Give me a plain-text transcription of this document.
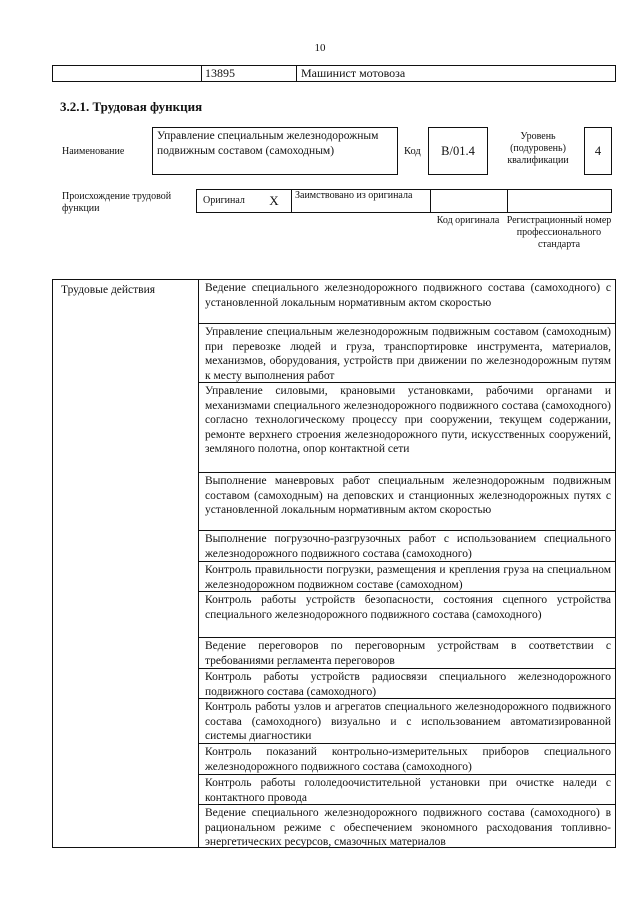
10
13895	Машинист мотовоза
3.2.1. Трудовая функция
Наименование
Управление специальным железнодорожным подвижным составом (самоходным)	Код	B/01.4
Уровень (подуровень) квалификации
4
Происхождение трудовой функции
Оригинал	X	Заимствовано из оригинала
Код оригинала Регистрационный номер профессионального стандарта
Трудовые действия	Ведение специального железнодорожного подвижного состава (самоходного) с установленной локальным нормативным актом скоростью
Управление специальным железнодорожным подвижным составом (самоходным) при перевозке людей и груза, транспортировке инструмента, материалов, механизмов, оборудования, устройств при движении по железнодорожным путям к месту выполнения работ
Управление силовыми, крановыми установками, рабочими органами и механизмами специального железнодорожного подвижного состава (самоходного) согласно технологическому процессу при сооружении, текущем содержании, ремонте верхнего строения железнодорожного пути, искусственных сооружений, земляного полотна, опор контактной сети
Выполнение маневровых работ специальным железнодорожным подвижным составом (самоходным) на деповских и станционных железнодорожных путях с установленной локальным нормативным актом скоростью
Выполнение погрузочно-разгрузочных работ с использованием специального железнодорожного подвижного состава (самоходного)
Контроль правильности погрузки, размещения и крепления груза на специальном железнодорожном подвижном составе (самоходном)
Контроль работы устройств безопасности, состояния сцепного устройства специального железнодорожного подвижного состава (самоходного)
Ведение переговоров по переговорным устройствам в соответствии с требованиями регламента переговоров
Контроль работы устройств радиосвязи специального железнодорожного подвижного состава (самоходного)
Контроль работы узлов и агрегатов специального железнодорожного подвижного состава (самоходного) визуально и с использованием автоматизированной системы диагностики
Контроль показаний контрольно-измерительных приборов специального железнодорожного подвижного состава (самоходного)
Контроль работы гололедоочистительной установки при очистке наледи с контактного провода
Ведение специального железнодорожного подвижного состава (самоходного) в рациональном режиме с обеспечением экономного расходования топливно-энергетических ресурсов, смазочных материалов
